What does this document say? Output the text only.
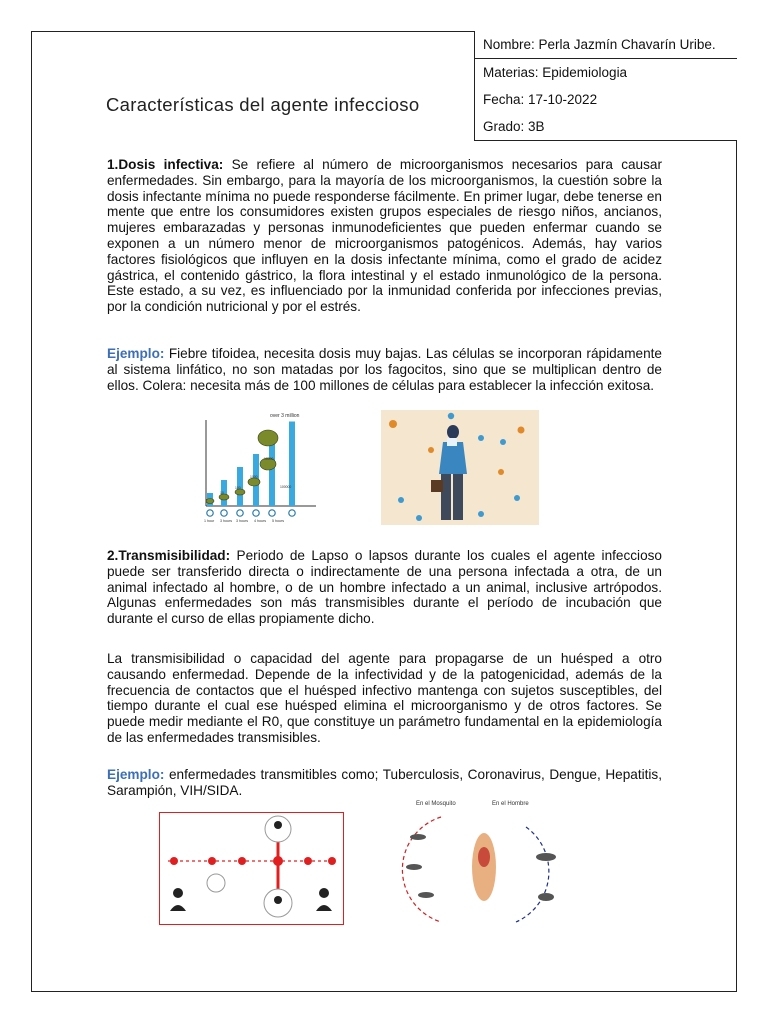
Nombre: Perla Jazmín Chavarín Uribe.
Materias: Epidemiologia
Fecha: 17-10-2022
Grado: 3B
Características del agente infeccioso

1.Dosis infectiva: Se refiere al número de microorganismos necesarios para causar enfermedades. Sin embargo, para la mayoría de los microorganismos, la cuestión sobre la dosis infectante mínima no puede responderse fácilmente. En primer lugar, debe tenerse en mente que entre los consumidores existen grupos especiales de riesgo niños, ancianos, mujeres embarazadas y personas inmunodeficientes que pueden enfermar cuando se exponen a un número menor de microorganismos patogénicos. Además, hay varios factores fisiológicos que influyen en la dosis infectante mínima, como el grado de acidez gástrica, el contenido gástrico, la flora intestinal y el estado inmunológico de la persona. Este estado, a su vez, es influenciado por la inmunidad conferida por infecciones previas, por la condición nutricional y por el estrés.

Ejemplo: Fiebre tifoidea, necesita dosis muy bajas. Las células se incorporan rápidamente al sistema linfático, no son matadas por los fagocitos, sino que se multiplican dentro de ellos. Colera: necesita más de 100 millones de células para establecer la infección exitosa.

over 3 million
1 hour 3 hours 3 hours 4 hours 5 hours
10
100
1000
10000
100000

2.Transmisibilidad: Periodo de Lapso o lapsos durante los cuales el agente infeccioso puede ser transferido directa o indirectamente de una persona infectada a otra, de un animal infectado al hombre, o de un hombre infectado a un animal, inclusive artrópodos. Algunas enfermedades son más transmisibles durante el período de incubación que durante el curso de ellas propiamente dicho.

La transmisibilidad o capacidad del agente para propagarse de un huésped a otro causando enfermedad. Depende de la infectividad y de la patogenicidad, además de la frecuencia de contactos que el huésped infectivo mantenga con sujetos susceptibles, del tiempo durante el cual ese huésped elimina el microorganismo y de otros factores. Se puede medir mediante el R0, que constituye un parámetro fundamental en la epidemiología de las enfermedades transmisibles.

Ejemplo: enfermedades transmitibles como; Tuberculosis, Coronavirus, Dengue, Hepatitis, Sarampión, VIH/SIDA.

En el Mosquito	En el Hombre
